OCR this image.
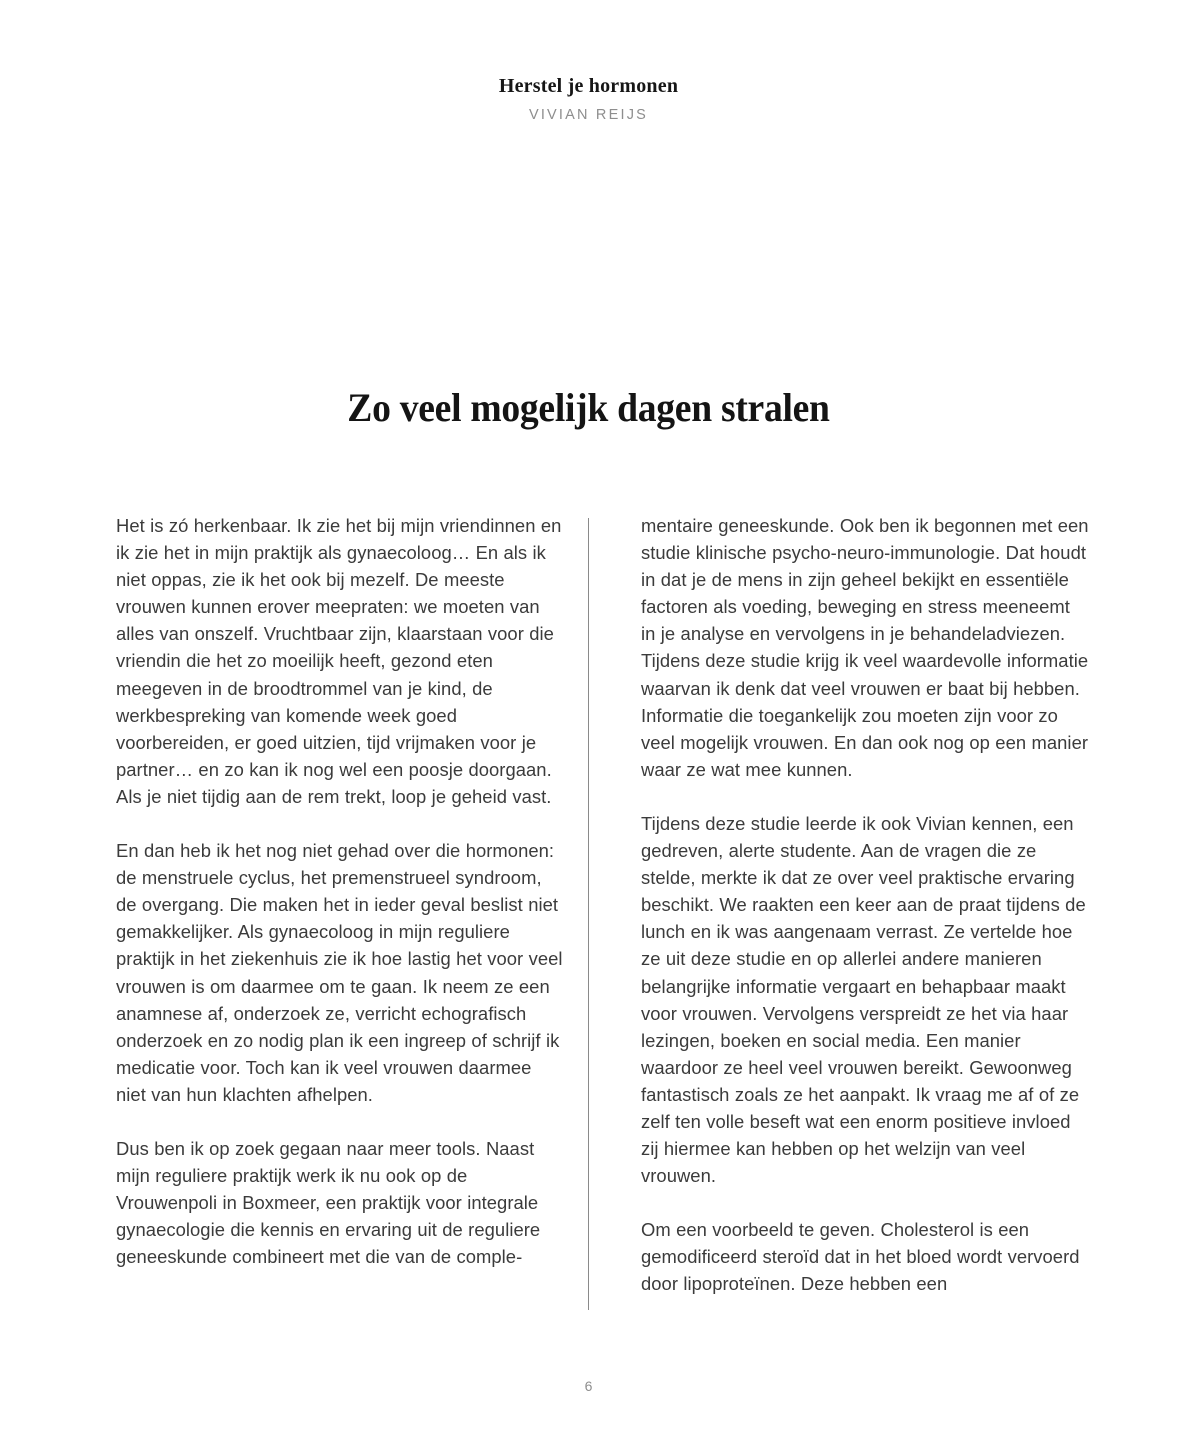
Herstel je hormonen
VIVIAN REIJS
Zo veel mogelijk dagen stralen

Het is zó herkenbaar. Ik zie het bij mijn vriendinnen en ik zie het in mijn praktijk als gynaecoloog… En als ik niet oppas, zie ik het ook bij mezelf. De meeste vrouwen kunnen erover meepraten: we moeten van alles van onszelf. Vruchtbaar zijn, klaarstaan voor die vriendin die het zo moeilijk heeft, gezond eten meegeven in de broodtrommel van je kind, de werkbespreking van komende week goed voorbereiden, er goed uitzien, tijd vrijmaken voor je partner… en zo kan ik nog wel een poosje doorgaan. Als je niet tijdig aan de rem trekt, loop je geheid vast.

En dan heb ik het nog niet gehad over die hormonen: de menstruele cyclus, het premenstrueel syndroom, de overgang. Die maken het in ieder geval beslist niet gemakkelijker. Als gynaecoloog in mijn reguliere praktijk in het ziekenhuis zie ik hoe lastig het voor veel vrouwen is om daarmee om te gaan. Ik neem ze een anamnese af, onderzoek ze, verricht echografisch onderzoek en zo nodig plan ik een ingreep of schrijf ik medicatie voor. Toch kan ik veel vrouwen daarmee niet van hun klachten afhelpen.

Dus ben ik op zoek gegaan naar meer tools. Naast mijn reguliere praktijk werk ik nu ook op de Vrouwenpoli in Boxmeer, een praktijk voor integrale gynaecologie die kennis en ervaring uit de reguliere geneeskunde combineert met die van de comple-

mentaire geneeskunde. Ook ben ik begonnen met een studie klinische psycho-neuro-immunologie. Dat houdt in dat je de mens in zijn geheel bekijkt en essentiële factoren als voeding, beweging en stress meeneemt in je analyse en vervolgens in je behandeladviezen. Tijdens deze studie krijg ik veel waardevolle informatie waarvan ik denk dat veel vrouwen er baat bij hebben. Informatie die toegankelijk zou moeten zijn voor zo veel mogelijk vrouwen. En dan ook nog op een manier waar ze wat mee kunnen.

Tijdens deze studie leerde ik ook Vivian kennen, een gedreven, alerte studente. Aan de vragen die ze stelde, merkte ik dat ze over veel praktische ervaring beschikt. We raakten een keer aan de praat tijdens de lunch en ik was aangenaam verrast. Ze vertelde hoe ze uit deze studie en op allerlei andere manieren belangrijke informatie vergaart en behapbaar maakt voor vrouwen. Vervolgens verspreidt ze het via haar lezingen, boeken en social media. Een manier waardoor ze heel veel vrouwen bereikt. Gewoonweg fantastisch zoals ze het aanpakt. Ik vraag me af of ze zelf ten volle beseft wat een enorm positieve invloed zij hiermee kan hebben op het welzijn van veel vrouwen.

Om een voorbeeld te geven. Cholesterol is een gemodificeerd steroïd dat in het bloed wordt vervoerd door lipoproteïnen. Deze hebben een

6
